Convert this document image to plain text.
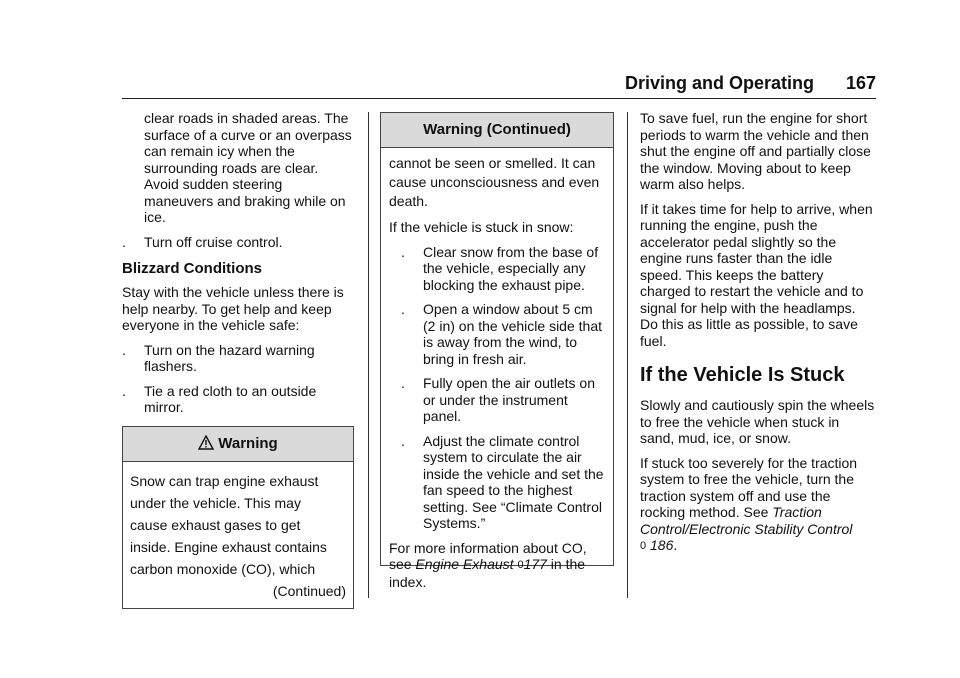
Driving and Operating 167

clear roads in shaded areas. The surface of a curve or an overpass can remain icy when the surrounding roads are clear. Avoid sudden steering maneuvers and braking while on ice.

. Turn off cruise control.
Blizzard Conditions

Stay with the vehicle unless there is help nearby. To get help and keep everyone in the vehicle safe:

. Turn on the hazard warning flashers.
. Tie a red cloth to an outside mirror.
Warning

Snow can trap engine exhaust

under the vehicle. This may

cause exhaust gases to get

inside. Engine exhaust contains

carbon monoxide (CO), which

(Continued)

Warning (Continued)

cannot be seen or smelled. It can cause unconsciousness and even death.

If the vehicle is stuck in snow:

. Clear snow from the base of the vehicle, especially any blocking the exhaust pipe.
. Open a window about 5 cm (2 in) on the vehicle side that is away from the wind, to bring in fresh air.
. Fully open the air outlets on or under the instrument panel.
. Adjust the climate control system to circulate the air inside the vehicle and set the fan speed to the highest setting. See “Climate Control Systems.”

For more information about CO, see Engine Exhaust 0177 in the index.

To save fuel, run the engine for short periods to warm the vehicle and then shut the engine off and partially close the window. Moving about to keep warm also helps.

If it takes time for help to arrive, when running the engine, push the accelerator pedal slightly so the engine runs faster than the idle speed. This keeps the battery charged to restart the vehicle and to signal for help with the headlamps. Do this as little as possible, to save fuel.

If the Vehicle Is Stuck

Slowly and cautiously spin the wheels to free the vehicle when stuck in sand, mud, ice, or snow.

If stuck too severely for the traction system to free the vehicle, turn the traction system off and use the rocking method. See Traction Control/Electronic Stability Control
0 186.
